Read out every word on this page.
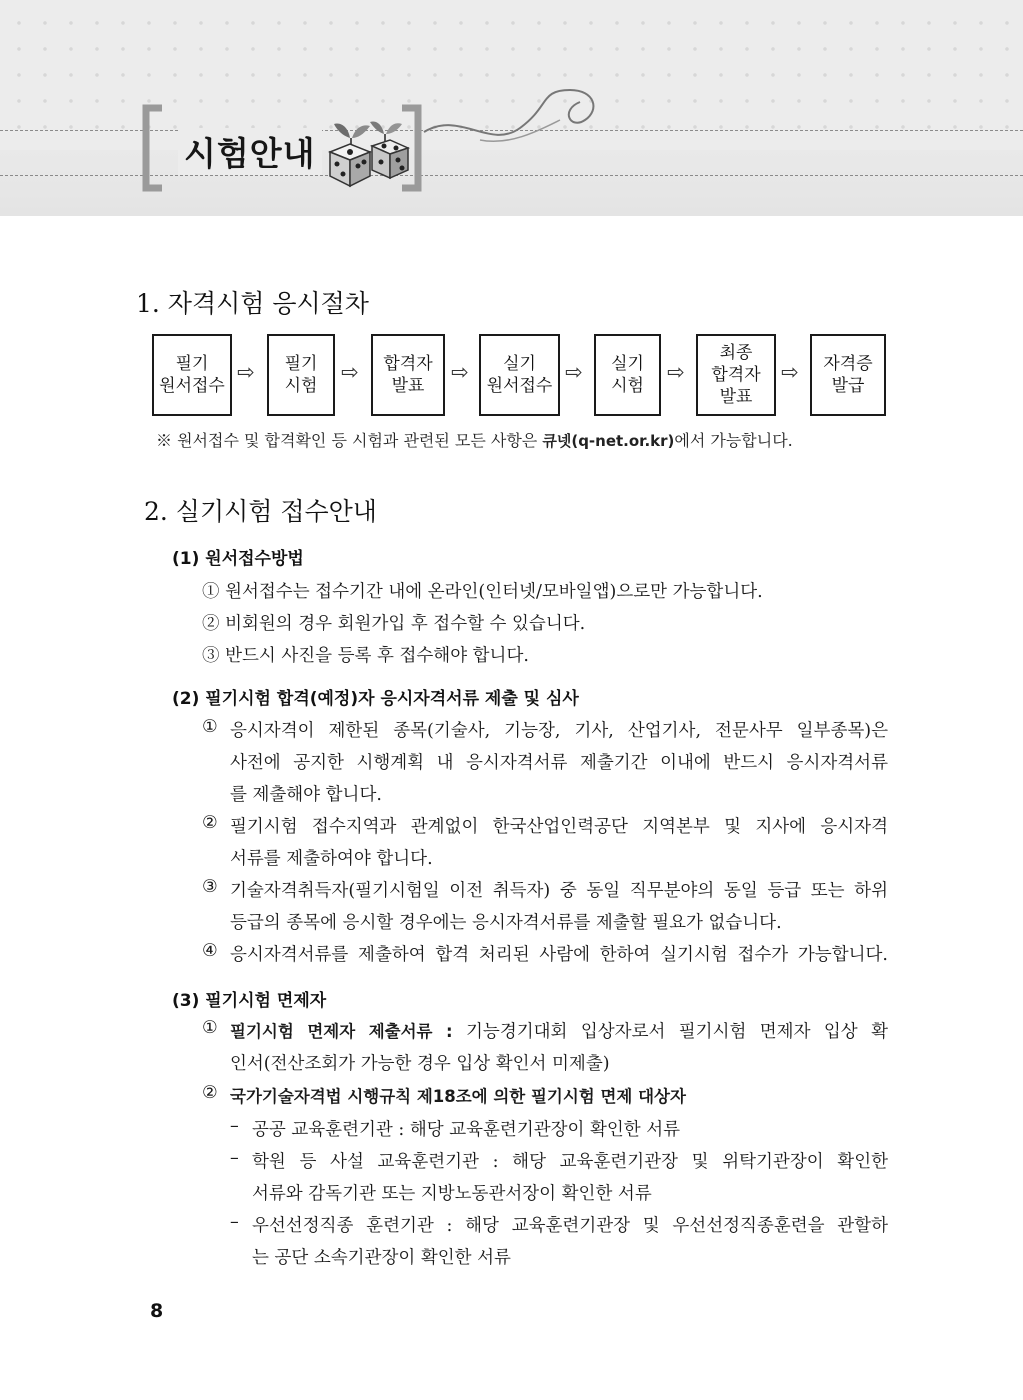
시험안내
1. 자격시험 응시절차
필기
원서접수
⇨	필기
시험
⇨	합격자
발표
⇨	실기
원서접수
⇨	실기
시험
⇨
최종
합격자
발표
⇨	자격증
발급
※ 원서접수 및 합격확인 등 시험과 관련된 모든 사항은 큐넷(q-net.or.kr)에서 가능합니다.
2. 실기시험 접수안내
(1) 원서접수방법
① 원서접수는 접수기간 내에 온라인(인터넷/모바일앱)으로만 가능합니다.
② 비회원의 경우 회원가입 후 접수할 수 있습니다.
③ 반드시 사진을 등록 후 접수해야 합니다.
(2) 필기시험 합격(예정)자 응시자격서류 제출 및 심사
① 응시자격이 제한된 종목(기술사, 기능장, 기사, 산업기사, 전문사무 일부종목)은
사전에 공지한 시행계획 내 응시자격서류 제출기간 이내에 반드시 응시자격서류
를 제출해야 합니다.
② 필기시험 접수지역과 관계없이 한국산업인력공단 지역본부 및 지사에 응시자격
서류를 제출하여야 합니다.
③ 기술자격취득자(필기시험일 이전 취득자) 중 동일 직무분야의 동일 등급 또는 하위
등급의 종목에 응시할 경우에는 응시자격서류를 제출할 필요가 없습니다.
④ 응시자격서류를 제출하여 합격 처리된 사람에 한하여 실기시험 접수가 가능합니다.
(3) 필기시험 면제자
① 필기시험 면제자 제출서류 : 기능경기대회 입상자로서 필기시험 면제자 입상 확
인서(전산조회가 가능한 경우 입상 확인서 미제출)
② 국가기술자격법 시행규칙 제18조에 의한 필기시험 면제 대상자
– 공공 교육훈련기관 : 해당 교육훈련기관장이 확인한 서류
– 학원 등 사설 교육훈련기관 : 해당 교육훈련기관장 및 위탁기관장이 확인한
서류와 감독기관 또는 지방노동관서장이 확인한 서류
– 우선선정직종 훈련기관 : 해당 교육훈련기관장 및 우선선정직종훈련을 관할하
는 공단 소속기관장이 확인한 서류
8
